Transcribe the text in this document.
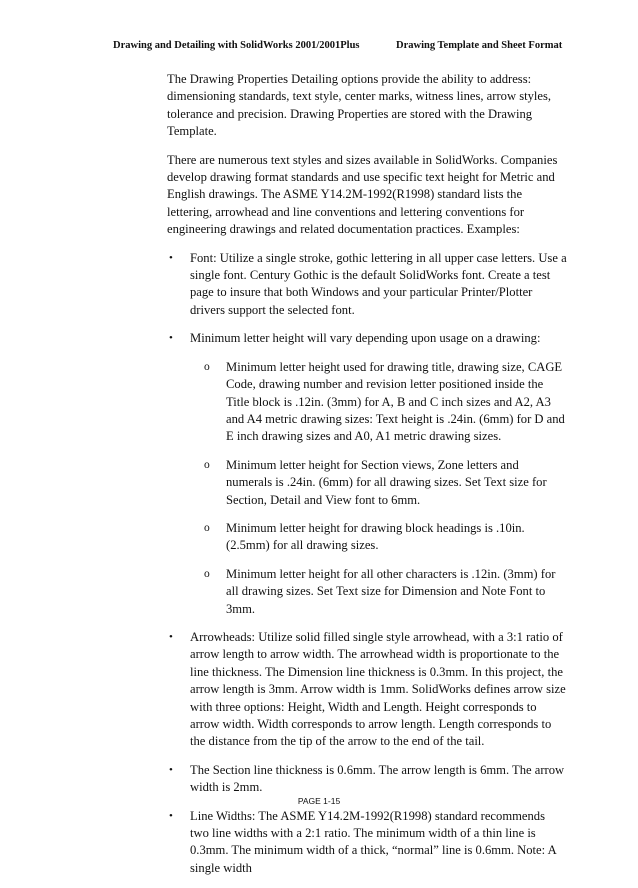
Drawing and Detailing with SolidWorks 2001/2001Plus	Drawing Template and Sheet Format

The Drawing Properties Detailing options provide the ability to address: dimensioning standards, text style, center marks, witness lines, arrow styles, tolerance and precision. Drawing Properties are stored with the Drawing Template.

There are numerous text styles and sizes available in SolidWorks. Companies develop drawing format standards and use specific text height for Metric and English drawings. The ASME Y14.2M-1992(R1998) standard lists the lettering, arrowhead and line conventions and lettering conventions for engineering drawings and related documentation practices. Examples:

• Font: Utilize a single stroke, gothic lettering in all upper case letters. Use a single font. Century Gothic is the default SolidWorks font. Create a test page to insure that both Windows and your particular Printer/Plotter drivers support the selected font.
• Minimum letter height will vary depending upon usage on a drawing:
o Minimum letter height used for drawing title, drawing size, CAGE Code, drawing number and revision letter positioned inside the Title block is .12in. (3mm) for A, B and C inch sizes and A2, A3 and A4 metric drawing sizes: Text height is .24in. (6mm) for D and E inch drawing sizes and A0, A1 metric drawing sizes.
o Minimum letter height for Section views, Zone letters and numerals is .24in. (6mm) for all drawing sizes. Set Text size for Section, Detail and View font to 6mm.
o Minimum letter height for drawing block headings is .10in. (2.5mm) for all drawing sizes.
o Minimum letter height for all other characters is .12in. (3mm) for all drawing sizes. Set Text size for Dimension and Note Font to 3mm.
• Arrowheads: Utilize solid filled single style arrowhead, with a 3:1 ratio of arrow length to arrow width. The arrowhead width is proportionate to the line thickness. The Dimension line thickness is 0.3mm. In this project, the arrow length is 3mm. Arrow width is 1mm. SolidWorks defines arrow size with three options: Height, Width and Length. Height corresponds to arrow width. Width corresponds to arrow length. Length corresponds to the distance from the tip of the arrow to the end of the tail.
• The Section line thickness is 0.6mm. The arrow length is 6mm. The arrow width is 2mm.
• Line Widths: The ASME Y14.2M-1992(R1998) standard recommends two line widths with a 2:1 ratio. The minimum width of a thin line is 0.3mm. The minimum width of a thick, “normal” line is 0.6mm. Note: A single width
PAGE 1-15
